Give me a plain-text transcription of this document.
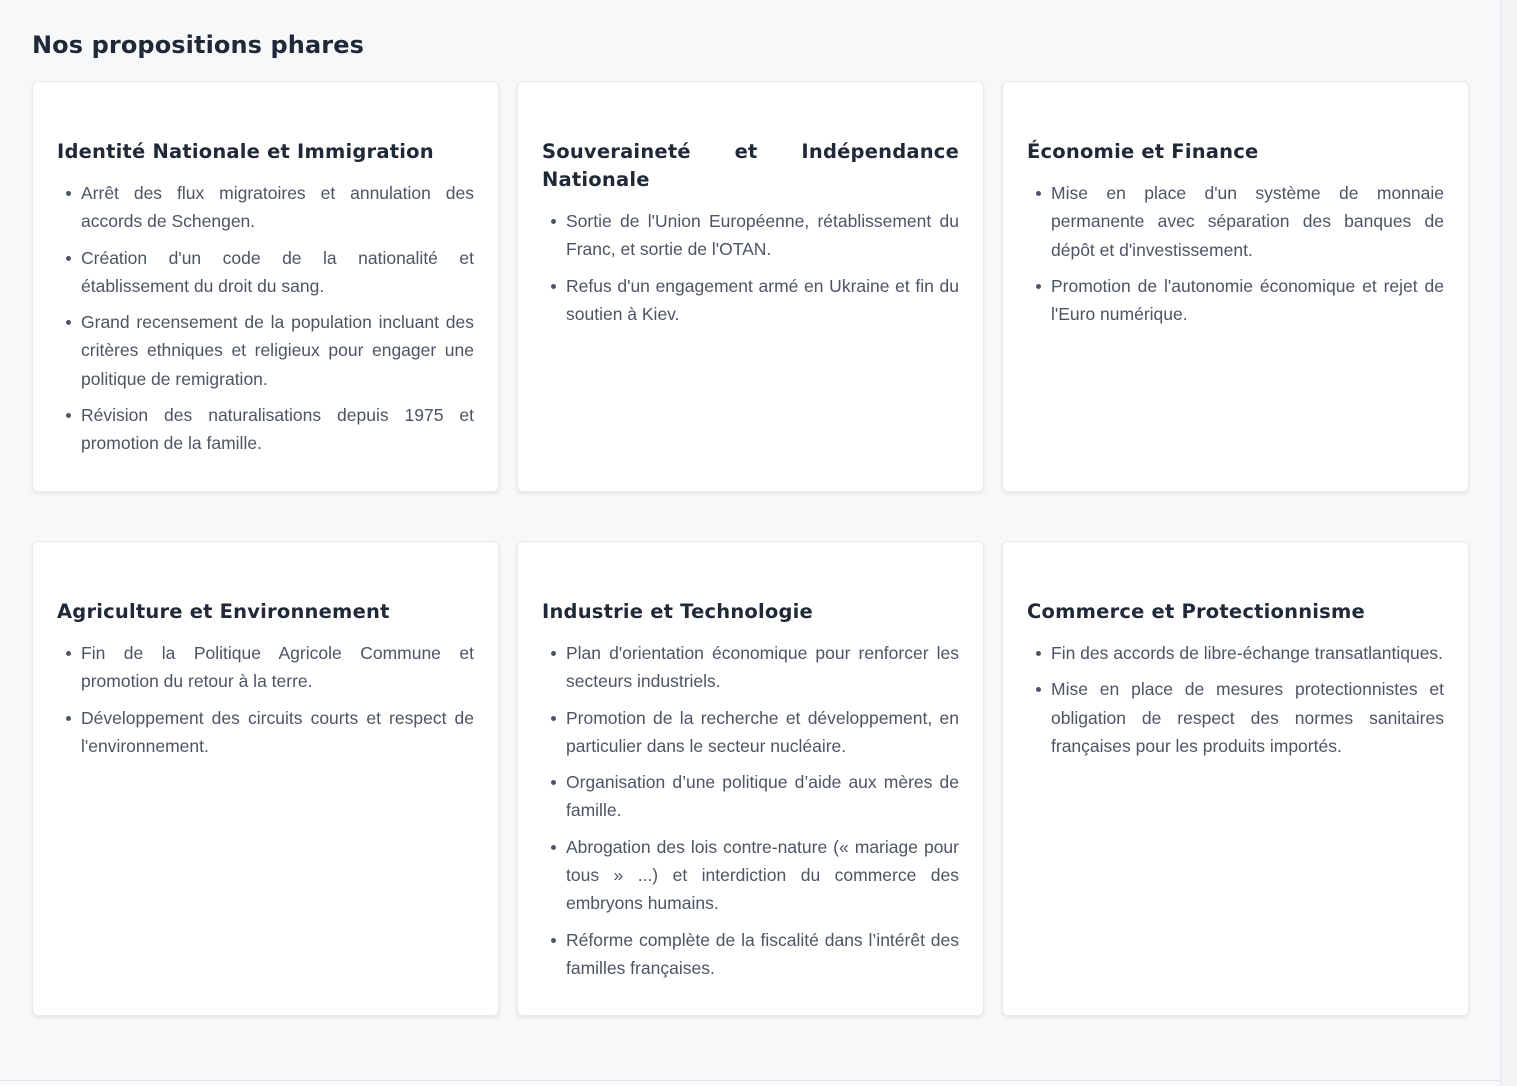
Nos propositions phares
Identité Nationale et Immigration
Arrêt des flux migratoires et annulation des accords de Schengen.
Création d'un code de la nationalité et établissement du droit du sang.
Grand recensement de la population incluant des critères ethniques et religieux pour engager une politique de remigration.
Révision des naturalisations depuis 1975 et promotion de la famille.
Souveraineté et Indépendance Nationale
Sortie de l'Union Européenne, rétablissement du Franc, et sortie de l'OTAN.
Refus d'un engagement armé en Ukraine et fin du soutien à Kiev.
Économie et Finance
Mise en place d'un système de monnaie permanente avec séparation des banques de dépôt et d'investissement.
Promotion de l'autonomie économique et rejet de l'Euro numérique.
Agriculture et Environnement
Fin de la Politique Agricole Commune et promotion du retour à la terre.
Développement des circuits courts et respect de l'environnement.
Industrie et Technologie
Plan d'orientation économique pour renforcer les secteurs industriels.
Promotion de la recherche et développement, en particulier dans le secteur nucléaire.
Organisation d’une politique d’aide aux mères de famille.
Abrogation des lois contre-nature (« mariage pour tous » ...) et interdiction du commerce des embryons humains.
Réforme complète de la fiscalité dans l’intérêt des familles françaises.
Commerce et Protectionnisme
Fin des accords de libre-échange transatlantiques.
Mise en place de mesures protectionnistes et obligation de respect des normes sanitaires françaises pour les produits importés.
